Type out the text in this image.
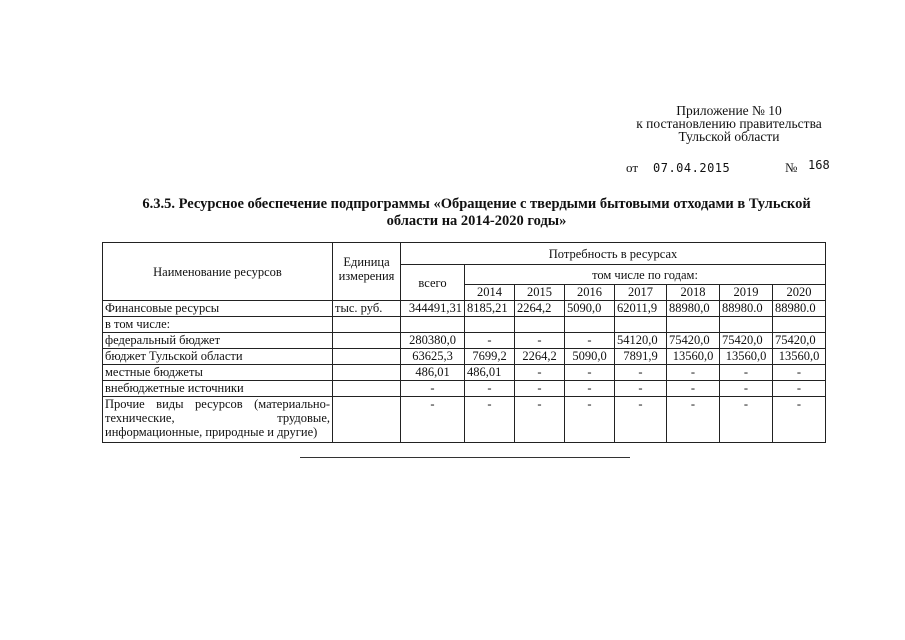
Приложение № 10
к постановлению правительства
Тульской области
от 07.04.2015	№ 168
6.3.5. Ресурсное обеспечение подпрограммы «Обращение с твердыми бытовыми отходами в Тульской
области на 2014-2020 годы»
Наименование ресурсов	Единица измерения	Потребность в ресурсах							
		всего	том числе по годам:						
			2014	2015	2016	2017	2018	2019	2020
Финансовые ресурсы	тыс. руб.	344491,31	8185,21	2264,2	5090,0	62011,9	88980,0	88980.0	88980.0
в том числе:									
федеральный бюджет		280380,0	-	-	-	54120,0	75420,0	75420,0	75420,0
бюджет Тульской области		63625,3	7699,2	2264,2	5090,0	7891,9	13560,0	13560,0	13560,0
местные бюджеты		486,01	486,01	-	-	-	-	-	-
внебюджетные источники		-	-	-	-	-	-	-	-
Прочие виды ресурсов (материально-технические, трудовые, информационные, природные и другие)		-	-	-	-	-	-	-	-
